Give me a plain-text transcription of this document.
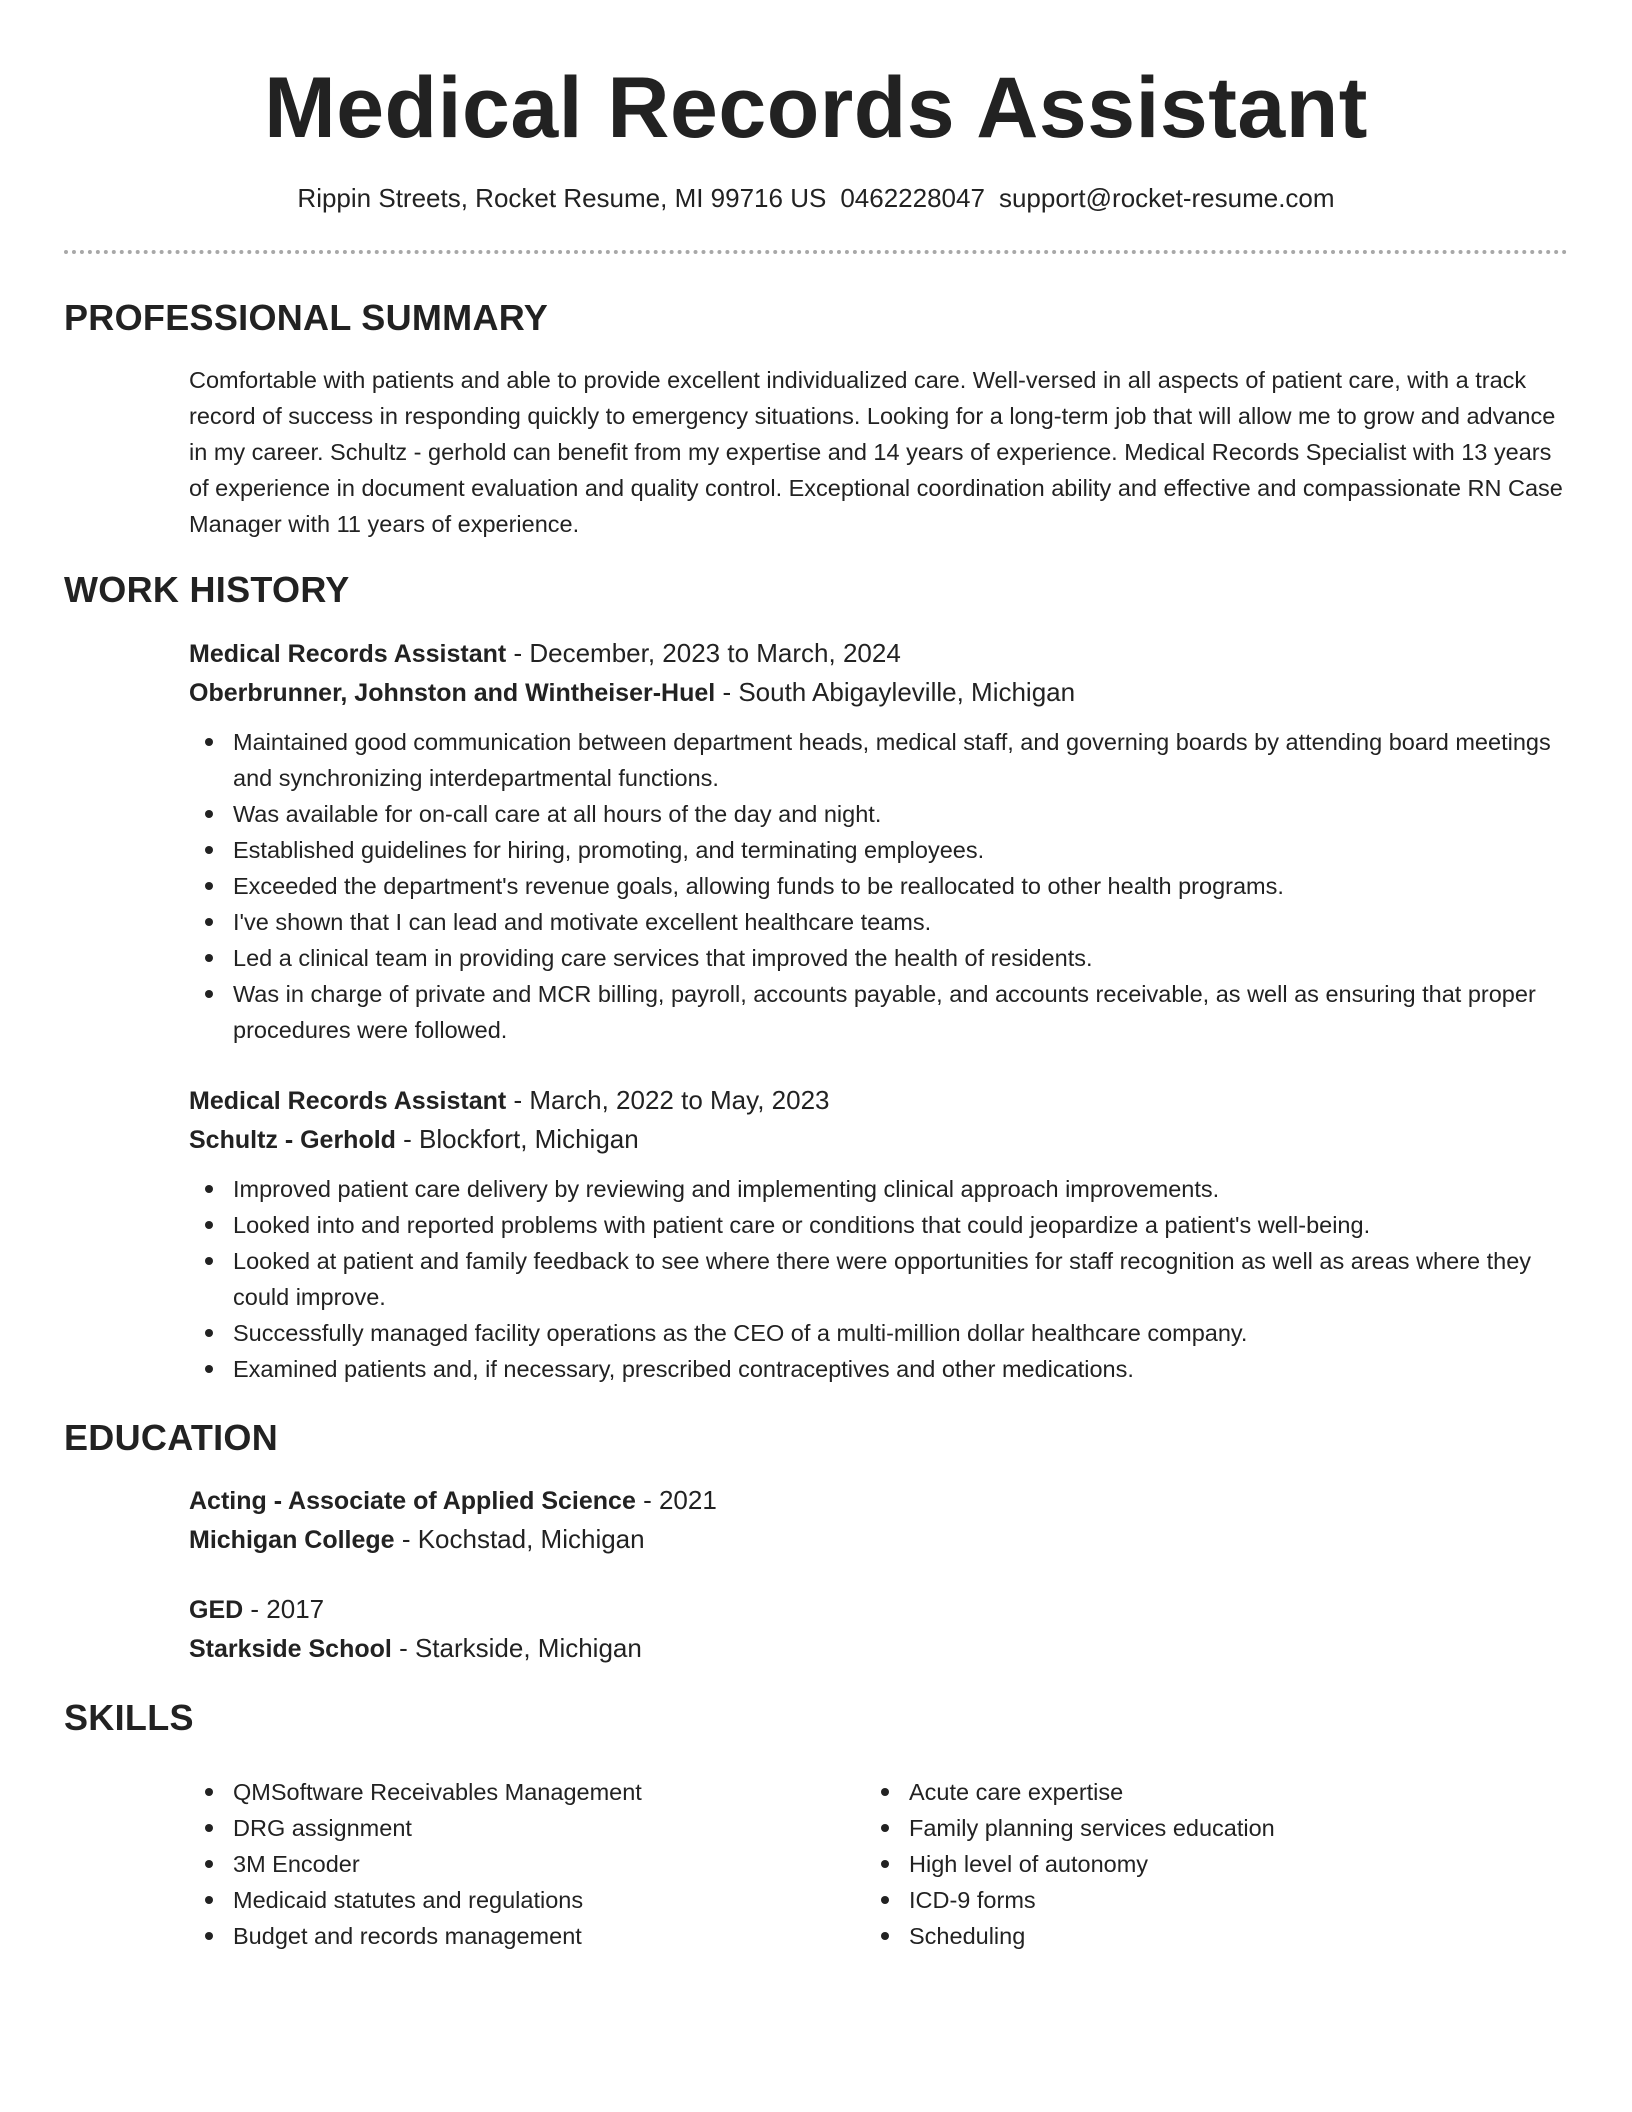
Medical Records Assistant
Rippin Streets, Rocket Resume, MI 99716 US 0462228047 support@rocket-resume.com
PROFESSIONAL SUMMARY

Comfortable with patients and able to provide excellent individualized care. Well-versed in all aspects of patient care, with a track record of success in responding quickly to emergency situations. Looking for a long-term job that will allow me to grow and advance in my career. Schultz - gerhold can benefit from my expertise and 14 years of experience. Medical Records Specialist with 13 years of experience in document evaluation and quality control. Exceptional coordination ability and effective and compassionate RN Case Manager with 11 years of experience.

WORK HISTORY
Medical Records Assistant - December, 2023 to March, 2024
Oberbrunner, Johnston and Wintheiser-Huel - South Abigayleville, Michigan
Maintained good communication between department heads, medical staff, and governing boards by attending board meetings and synchronizing interdepartmental functions.
Was available for on-call care at all hours of the day and night.
Established guidelines for hiring, promoting, and terminating employees.
Exceeded the department's revenue goals, allowing funds to be reallocated to other health programs.
I've shown that I can lead and motivate excellent healthcare teams.
Led a clinical team in providing care services that improved the health of residents.
Was in charge of private and MCR billing, payroll, accounts payable, and accounts receivable, as well as ensuring that proper procedures were followed.
Medical Records Assistant - March, 2022 to May, 2023
Schultz - Gerhold - Blockfort, Michigan
Improved patient care delivery by reviewing and implementing clinical approach improvements.
Looked into and reported problems with patient care or conditions that could jeopardize a patient's well-being.
Looked at patient and family feedback to see where there were opportunities for staff recognition as well as areas where they could improve.
Successfully managed facility operations as the CEO of a multi-million dollar healthcare company.
Examined patients and, if necessary, prescribed contraceptives and other medications.
EDUCATION
Acting - Associate of Applied Science - 2021
Michigan College - Kochstad, Michigan
GED - 2017
Starkside School - Starkside, Michigan
SKILLS
QMSoftware Receivables Management
DRG assignment
3M Encoder
Medicaid statutes and regulations
Budget and records management
Acute care expertise
Family planning services education
High level of autonomy
ICD-9 forms
Scheduling
